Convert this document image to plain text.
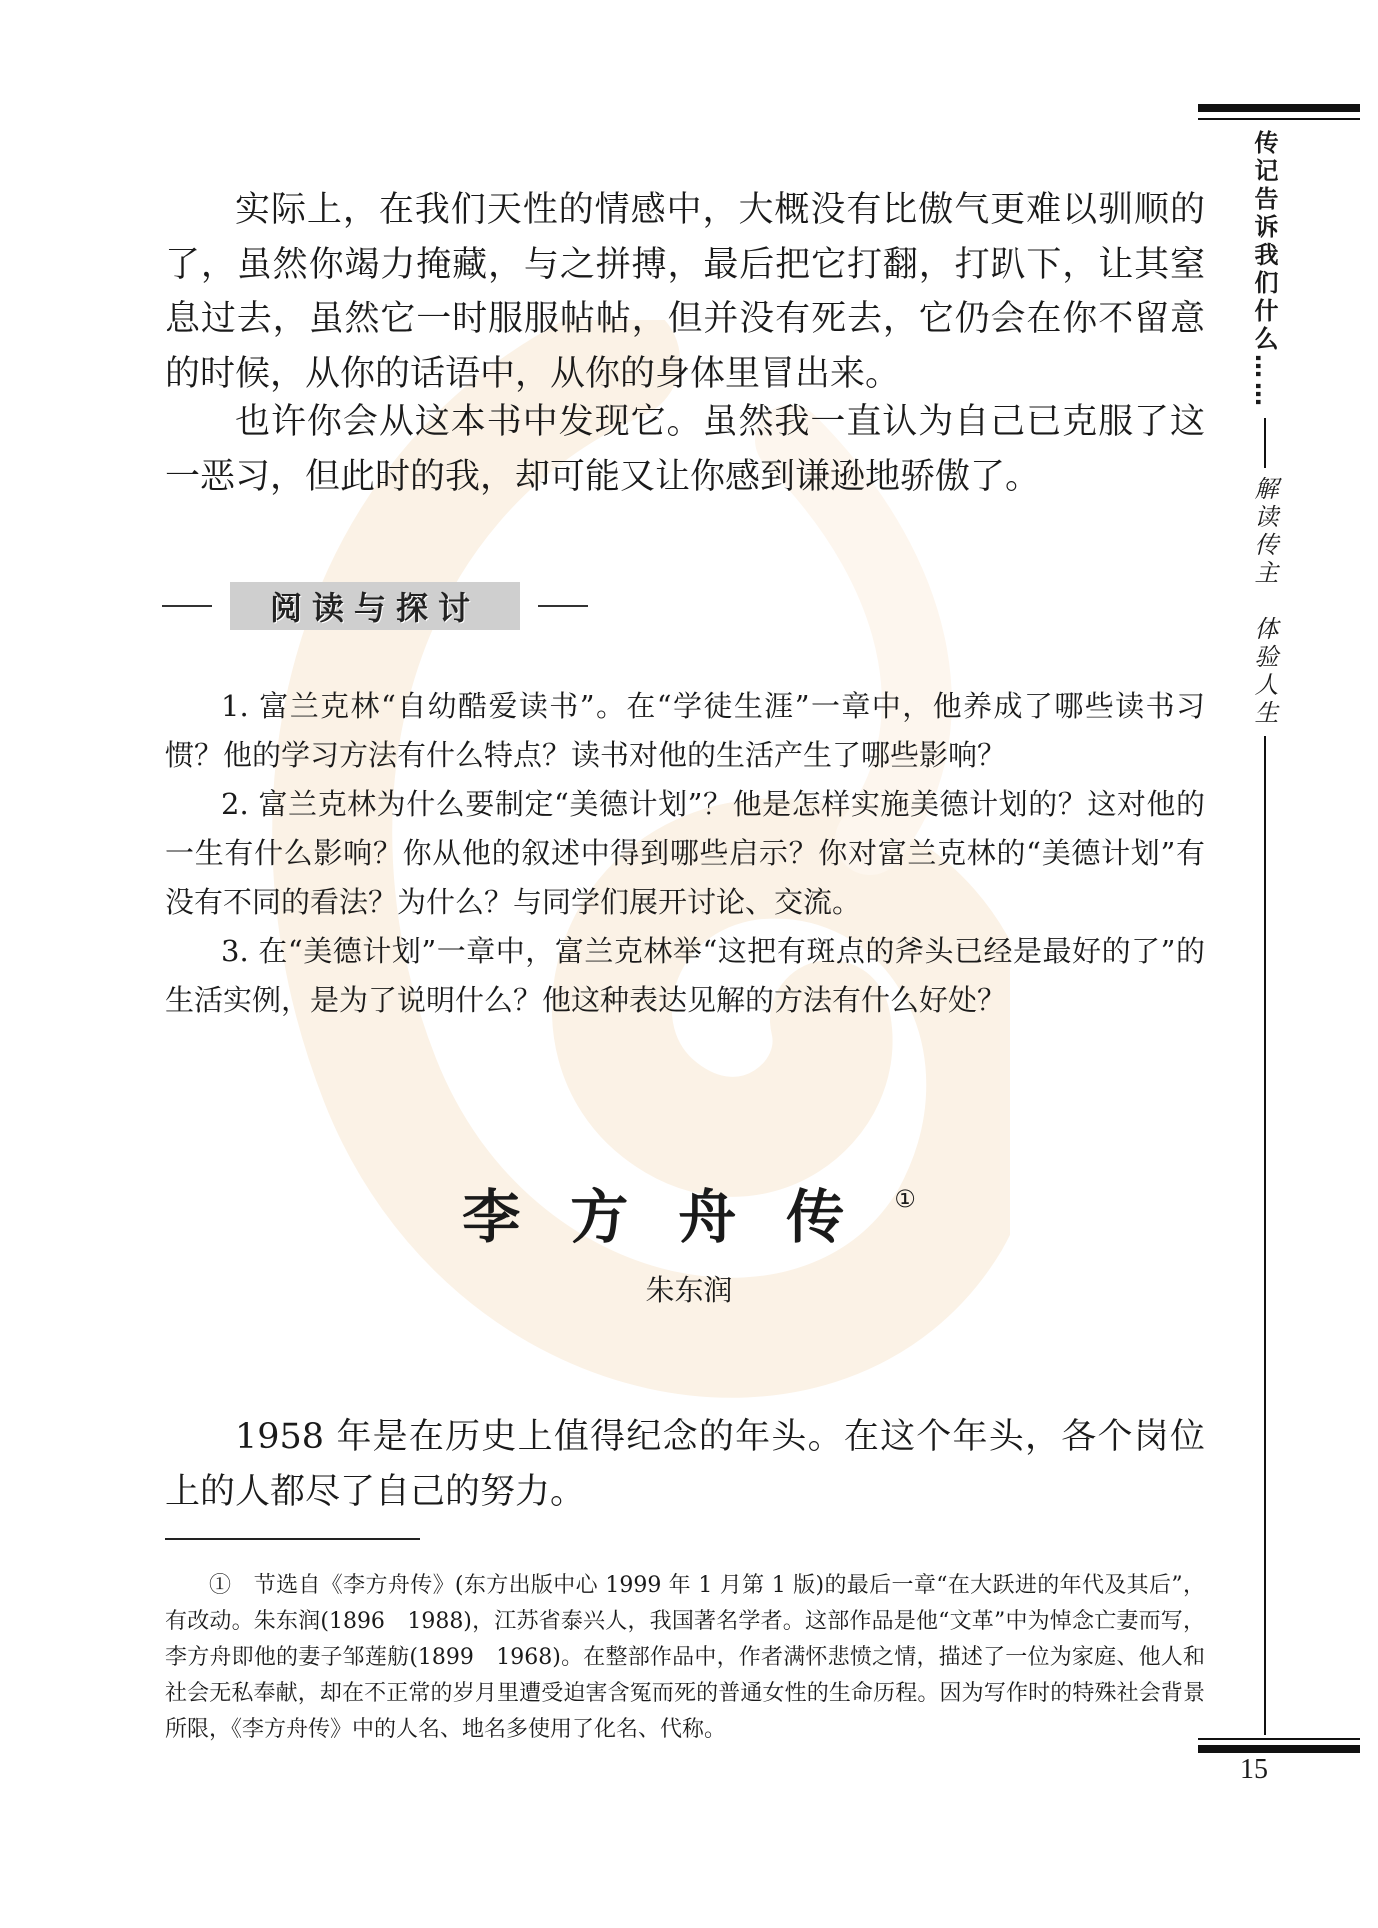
传记告诉我们什么……
解读传主　体验人生
15
实际上，在我们天性的情感中，大概没有比傲气更难以驯顺的了，虽然你竭力掩藏，与之拼搏，最后把它打翻，打趴下，让其窒息过去，虽然它一时服服帖帖，但并没有死去，它仍会在你不留意的时候，从你的话语中，从你的身体里冒出来。
也许你会从这本书中发现它。虽然我一直认为自己已克服了这一恶习，但此时的我，却可能又让你感到谦逊地骄傲了。
阅读与探讨
1. 富兰克林“自幼酷爱读书”。在“学徒生涯”一章中，他养成了哪些读书习惯？他的学习方法有什么特点？读书对他的生活产生了哪些影响？
2. 富兰克林为什么要制定“美德计划”？他是怎样实施美德计划的？这对他的一生有什么影响？你从他的叙述中得到哪些启示？你对富兰克林的“美德计划”有没有不同的看法？为什么？与同学们展开讨论、交流。
3. 在“美德计划”一章中，富兰克林举“这把有斑点的斧头已经是最好的了”的生活实例，是为了说明什么？他这种表达见解的方法有什么好处？
李方舟传①
朱东润
1958 年是在历史上值得纪念的年头。在这个年头，各个岗位上的人都尽了自己的努力。
①　节选自《李方舟传》(东方出版中心 1999 年 1 月第 1 版)的最后一章“在大跃进的年代及其后”，有改动。朱东润(1896　1988)，江苏省泰兴人，我国著名学者。这部作品是他“文革”中为悼念亡妻而写，李方舟即他的妻子邹莲舫(1899　1968)。在整部作品中，作者满怀悲愤之情，描述了一位为家庭、他人和社会无私奉献，却在不正常的岁月里遭受迫害含冤而死的普通女性的生命历程。因为写作时的特殊社会背景所限，《李方舟传》中的人名、地名多使用了化名、代称。
